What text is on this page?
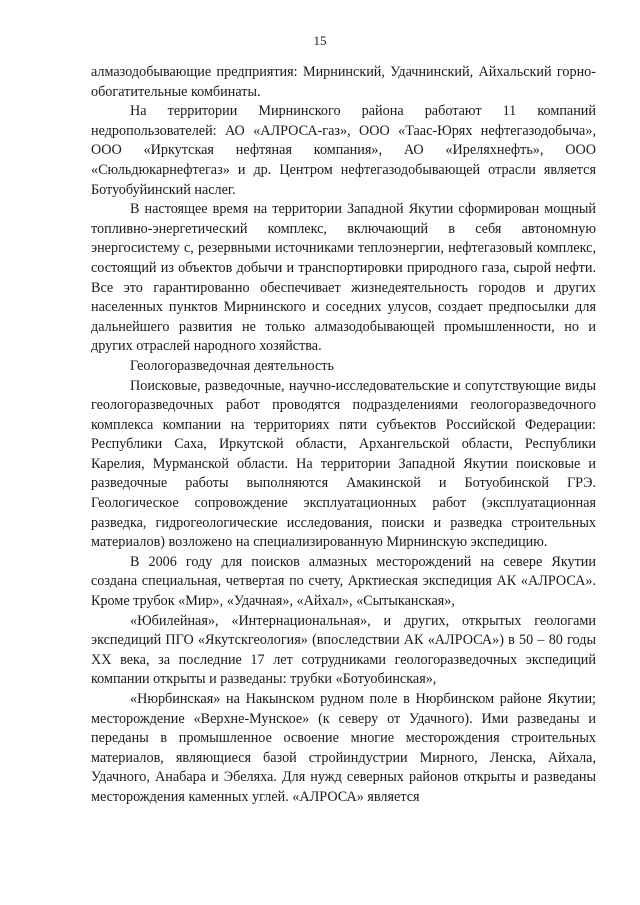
15

алмазодобывающие предприятия: Мирнинский, Удачнинский, Айхальский горно-обогатительные комбинаты.

На территории Мирнинского района работают 11 компаний недропользователей: АО «АЛРОСА-газ», ООО «Таас-Юрях нефтегазодобыча», ООО «Иркутская нефтяная компания», АО «Иреляхнефть», ООО «Сюльдюкарнефтегаз» и др. Центром нефтегазодобывающей отрасли является Ботуобуйинский наслег.

В настоящее время на территории Западной Якутии сформирован мощный топливно-энергетический комплекс, включающий в себя автономную энергосистему с, резервными источниками теплоэнергии, нефтегазовый комплекс, состоящий из объектов добычи и транспортировки природного газа, сырой нефти. Все это гарантированно обеспечивает жизнедеятельность городов и других населенных пунктов Мирнинского и соседних улусов, создает предпосылки для дальнейшего развития не только алмазодобывающей промышленности, но и других отраслей народного хозяйства.

Геологоразведочная деятельность

Поисковые, разведочные, научно-исследовательские и сопутствующие виды геологоразведочных работ проводятся подразделениями геологоразведочного комплекса компании на территориях пяти субъектов Российской Федерации: Республики Саха, Иркутской области, Архангельской области, Республики Карелия, Мурманской области. На территории Западной Якутии поисковые и разведочные работы выполняются Амакинской и Ботуобинской ГРЭ. Геологическое сопровождение эксплуатационных работ (эксплуатационная разведка, гидрогеологические исследования, поиски и разведка строительных материалов) возложено на специализированную Мирнинскую экспедицию.

В 2006 году для поисков алмазных месторождений на севере Якутии создана специальная, четвертая по счету, Арктиеская экспедиция АК «АЛРОСА». Кроме трубок «Мир», «Удачная», «Айхал», «Сытыканская»,

«Юбилейная», «Интернациональная», и других, открытых геологами экспедиций ПГО «Якутскгеология» (впоследствии АК «АЛРОСА») в 50 – 80 годы XX века, за последние 17 лет сотрудниками геологоразведочных экспедиций компании открыты и разведаны: трубки «Ботуобинская»,

«Нюрбинская» на Накынском рудном поле в Нюрбинском районе Якутии; месторождение «Верхне-Мунское» (к северу от Удачного). Ими разведаны и переданы в промышленное освоение многие месторождения строительных материалов, являющиеся базой стройиндустрии Мирного, Ленска, Айхала, Удачного, Анабара и Эбеляха. Для нужд северных районов открыты и разведаны месторождения каменных углей. «АЛРОСА» является
